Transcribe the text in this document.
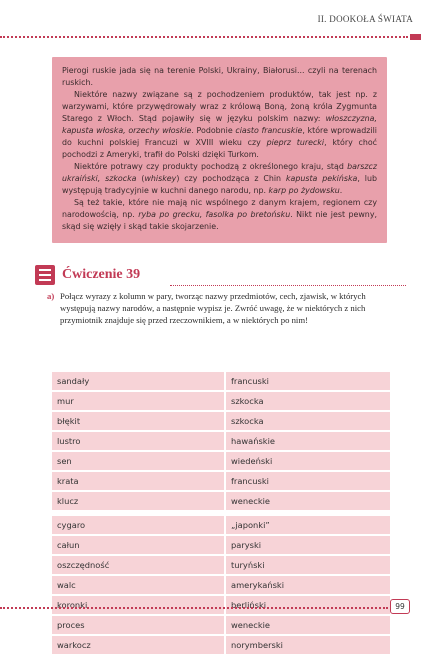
II. DOOKOŁA ŚWIATA

Pierogi ruskie jada się na terenie Polski, Ukrainy, Białorusi... czyli na terenach ruskich.

Niektóre nazwy związane są z pochodzeniem produktów, tak jest np. z warzywami, które przywędrowały wraz z królową Boną, żoną króla Zygmunta Starego z Włoch. Stąd pojawiły się w języku polskim nazwy: włoszczyzna, kapusta włoska, orzechy włoskie. Podobnie ciasto francuskie, które wprowadzili do kuchni polskiej Francuzi w XVIII wieku czy pieprz turecki, który choć pochodzi z Ameryki, trafił do Polski dzięki Turkom.

Niektóre potrawy czy produkty pochodzą z określonego kraju, stąd barszcz ukraiński, szkocka (whiskey) czy pochodząca z Chin kapusta pekińska, lub występują tradycyjnie w kuchni danego narodu, np. karp po żydowsku.

Są też takie, które nie mają nic wspólnego z danym krajem, regionem czy narodowością, np. ryba po grecku, fasolka po bretońsku. Nikt nie jest pewny, skąd się wzięły i skąd takie skojarzenie.

Ćwiczenie 39
a) Połącz wyrazy z kolumn w pary, tworząc nazwy przedmiotów, cech, zjawisk, w których występują nazwy narodów, a następnie wypisz je. Zwróć uwagę, że w niektórych z nich przymiotnik znajduje się przed rzeczownikiem, a w niektórych po nim!
sandały	francuski
mur	szkocka
błękit	szkocka
lustro	hawańskie
sen	wiedeński
krata	francuski
klucz	weneckie
cygaro	„japonki”
całun	paryski
oszczędność	turyński
walc	amerykański
koronki	berliński
proces	weneckie
warkocz	norymberski
99
